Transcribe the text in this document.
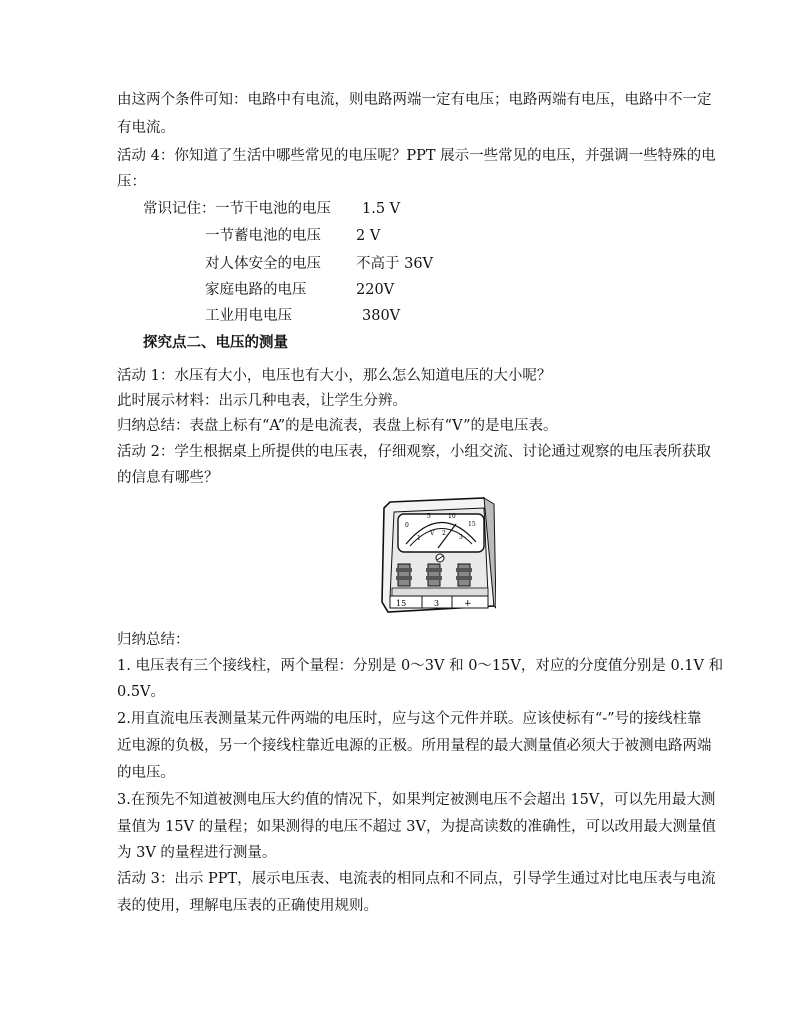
由这两个条件可知：电路中有电流，则电路两端一定有电压；电路两端有电压，电路中不一定
有电流。
活动 4：你知道了生活中哪些常见的电压呢？PPT 展示一些常见的电压，并强调一些特殊的电
压：
常识记住： 一节干电池的电压 1.5 V
一节蓄电池的电压 2 V
对人体安全的电压 不高于 36V
家庭电路的电压	220V
工业用电电压	380V
探究点二、电压的测量
活动 1：水压有大小，电压也有大小，那么怎么知道电压的大小呢？
此时展示材料：出示几种电表，让学生分辨。
归纳总结：表盘上标有“A”的是电流表，表盘上标有“V”的是电压表。
活动 2：学生根据桌上所提供的电压表，仔细观察，小组交流、讨论通过观察的电压表所获取
的信息有哪些？
0
5	10
15
1
V 2
3
15	3	+
归纳总结：
1. 电压表有三个接线柱，两个量程：分别是 0～3V 和 0～15V，对应的分度值分别是 0.1V 和
0.5V。
2.用直流电压表测量某元件两端的电压时，应与这个元件并联。应该使标有“-”号的接线柱靠
近电源的负极，另一个接线柱靠近电源的正极。所用量程的最大测量值必须大于被测电路两端
的电压。
3.在预先不知道被测电压大约值的情况下，如果判定被测电压不会超出 15V，可以先用最大测
量值为 15V 的量程；如果测得的电压不超过 3V，为提高读数的准确性，可以改用最大测量值
为 3V 的量程进行测量。
活动 3：出示 PPT，展示电压表、电流表的相同点和不同点，引导学生通过对比电压表与电流
表的使用，理解电压表的正确使用规则。
